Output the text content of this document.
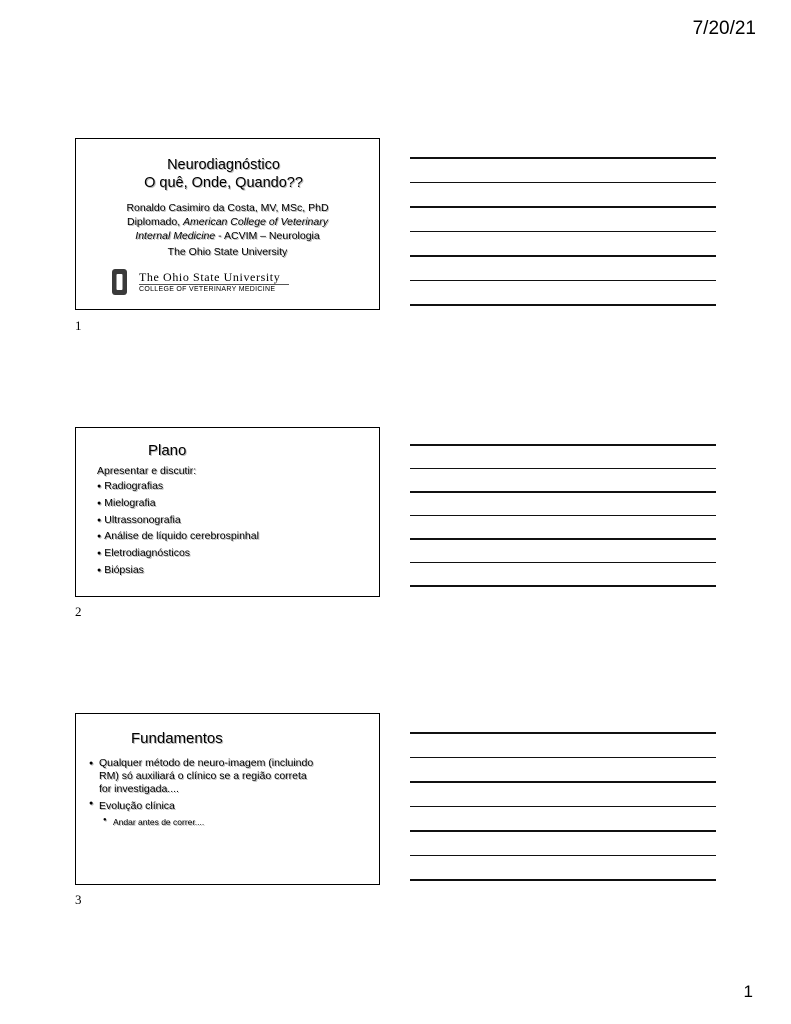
7/20/21
Neurodiagnóstico
O quê, Onde, Quando??
Ronaldo Casimiro da Costa, MV, MSc, PhD
Diplomado, American College of Veterinary
Internal Medicine - ACVIM – Neurologia
The Ohio State University
The Ohio State University
COLLEGE OF VETERINARY MEDICINE
1
Plano
Apresentar e discutir:
● Radiografias
● Mielografia
● Ultrassonografia
● Análise de líquido cerebrospinhal
● Eletrodiagnósticos
● Biópsias
2
Fundamentos
● Qualquer método de neuro-imagem (incluindo RM) só auxiliará o clínico se a região correta for investigada....
● Evolução clínica
● Andar antes de correr....
3
1
